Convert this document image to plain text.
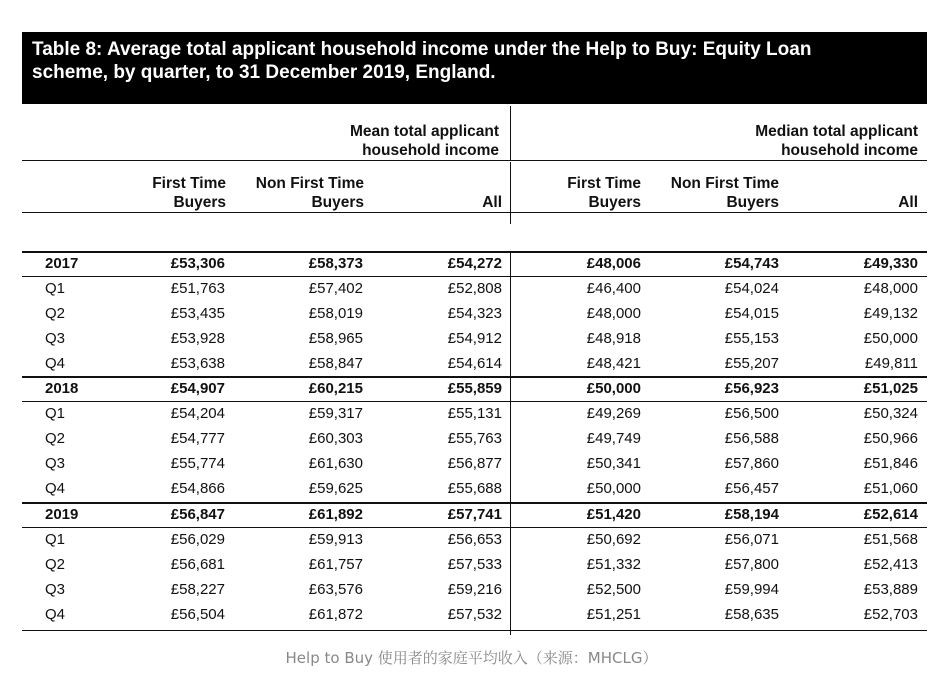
Table 8: Average total applicant household income under the Help to Buy: Equity Loan
scheme, by quarter, to 31 December 2019, England.
Mean total applicant
household income
Median total applicant
household income
First Time
Buyers
Non First Time
Buyers	All
First Time
Buyers
Non First Time
Buyers	All
2017	£53,306	£58,373	£54,272	£48,006	£54,743	£49,330
Q1	£51,763	£57,402	£52,808	£46,400	£54,024	£48,000
Q2	£53,435	£58,019	£54,323	£48,000	£54,015	£49,132
Q3	£53,928	£58,965	£54,912	£48,918	£55,153	£50,000
Q4	£53,638	£58,847	£54,614	£48,421	£55,207	£49,811
2018	£54,907	£60,215	£55,859	£50,000	£56,923	£51,025
Q1	£54,204	£59,317	£55,131	£49,269	£56,500	£50,324
Q2	£54,777	£60,303	£55,763	£49,749	£56,588	£50,966
Q3	£55,774	£61,630	£56,877	£50,341	£57,860	£51,846
Q4	£54,866	£59,625	£55,688	£50,000	£56,457	£51,060
2019	£56,847	£61,892	£57,741	£51,420	£58,194	£52,614
Q1	£56,029	£59,913	£56,653	£50,692	£56,071	£51,568
Q2	£56,681	£61,757	£57,533	£51,332	£57,800	£52,413
Q3	£58,227	£63,576	£59,216	£52,500	£59,994	£53,889
Q4	£56,504	£61,872	£57,532	£51,251	£58,635	£52,703
Help to Buy 使用者的家庭平均收入（来源：MHCLG）
